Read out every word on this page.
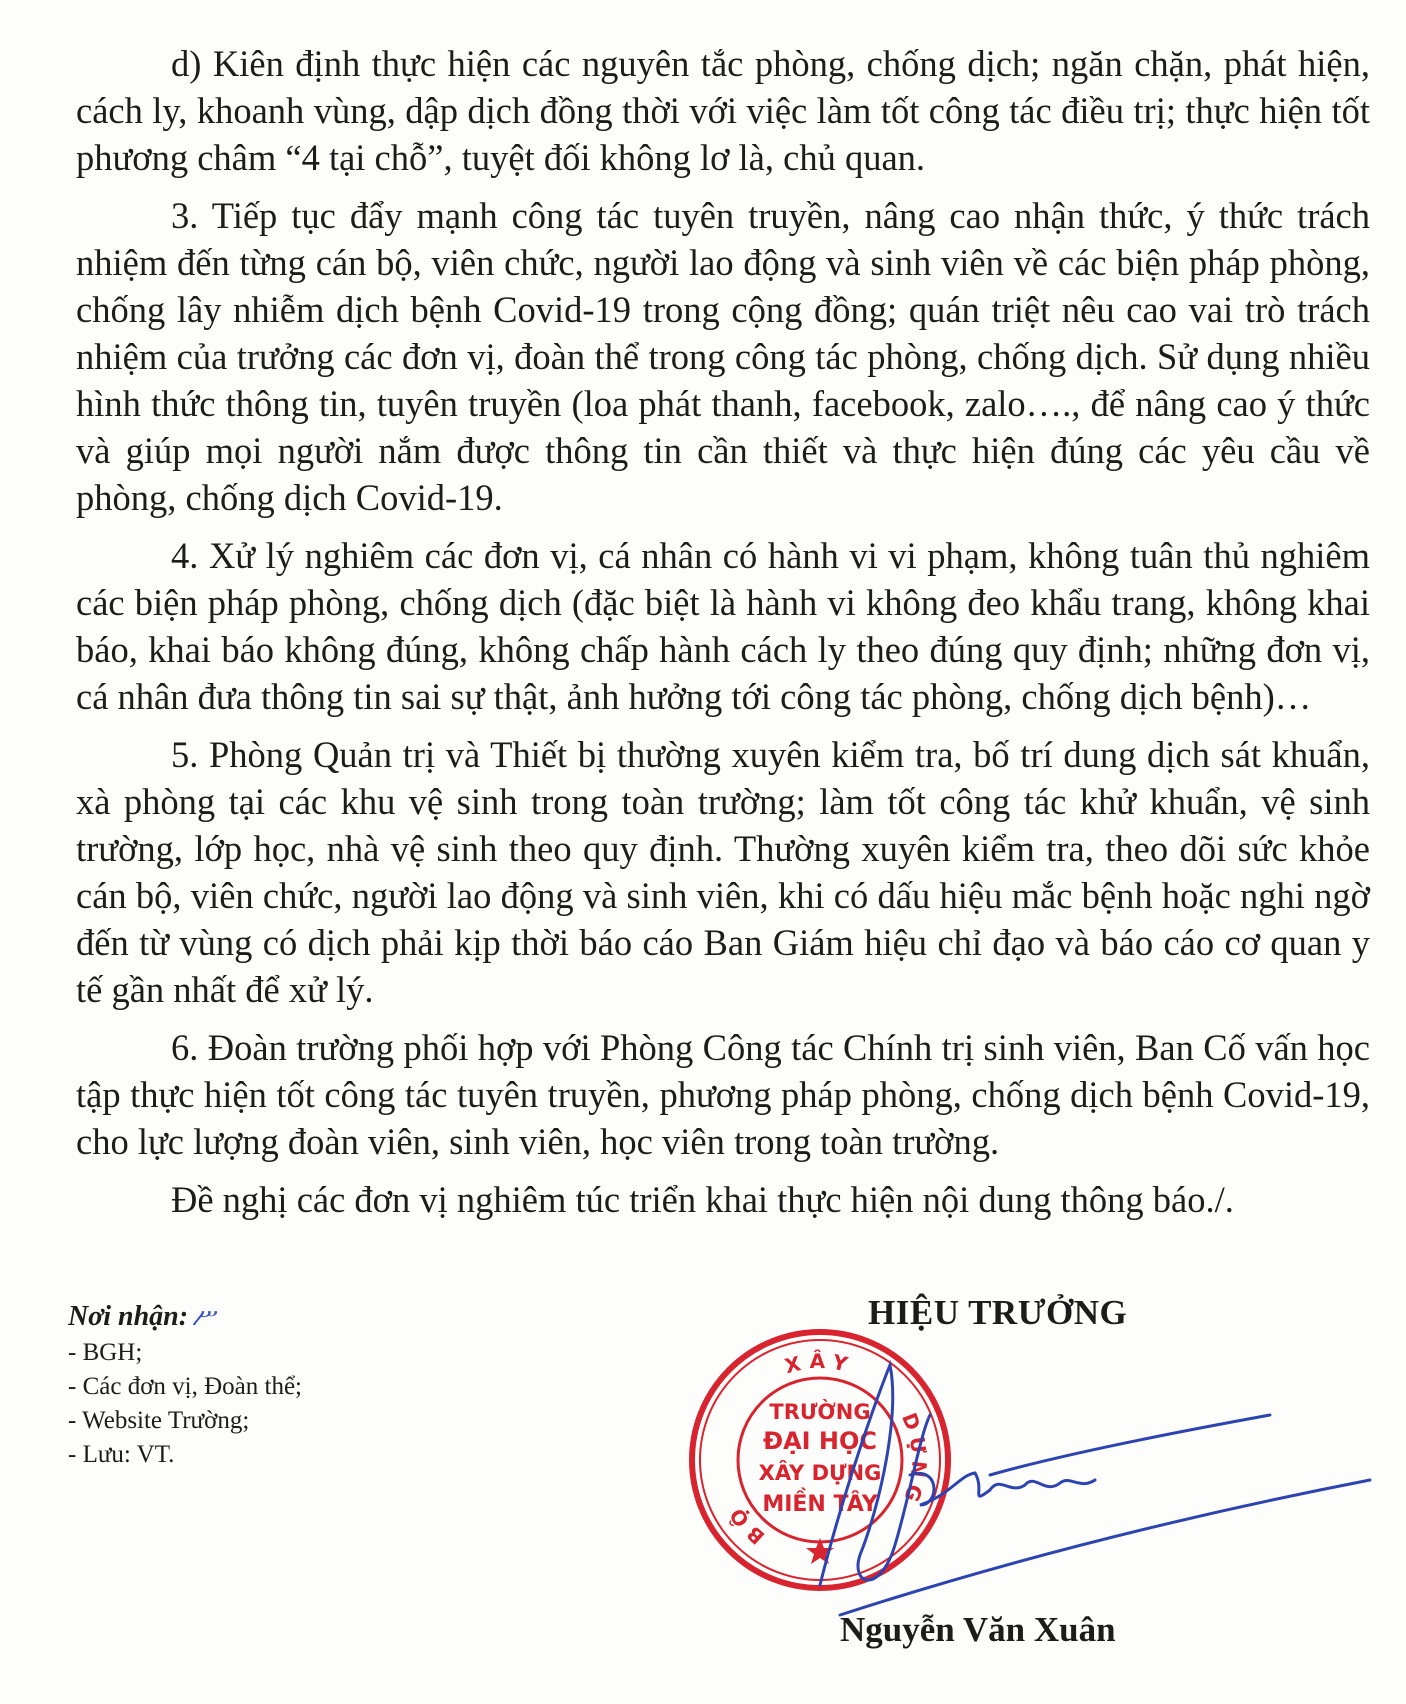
d) Kiên định thực hiện các nguyên tắc phòng, chống dịch; ngăn chặn, phát hiện, cách ly, khoanh vùng, dập dịch đồng thời với việc làm tốt công tác điều trị; thực hiện tốt phương châm “4 tại chỗ”, tuyệt đối không lơ là, chủ quan.

3. Tiếp tục đẩy mạnh công tác tuyên truyền, nâng cao nhận thức, ý thức trách nhiệm đến từng cán bộ, viên chức, người lao động và sinh viên về các biện pháp phòng, chống lây nhiễm dịch bệnh Covid-19 trong cộng đồng; quán triệt nêu cao vai trò trách nhiệm của trưởng các đơn vị, đoàn thể trong công tác phòng, chống dịch. Sử dụng nhiều hình thức thông tin, tuyên truyền (loa phát thanh, facebook, zalo…., để nâng cao ý thức và giúp mọi người nắm được thông tin cần thiết và thực hiện đúng các yêu cầu về phòng, chống dịch Covid-19.

4. Xử lý nghiêm các đơn vị, cá nhân có hành vi vi phạm, không tuân thủ nghiêm các biện pháp phòng, chống dịch (đặc biệt là hành vi không đeo khẩu trang, không khai báo, khai báo không đúng, không chấp hành cách ly theo đúng quy định; những đơn vị, cá nhân đưa thông tin sai sự thật, ảnh hưởng tới công tác phòng, chống dịch bệnh)…

5. Phòng Quản trị và Thiết bị thường xuyên kiểm tra, bố trí dung dịch sát khuẩn, xà phòng tại các khu vệ sinh trong toàn trường; làm tốt công tác khử khuẩn, vệ sinh trường, lớp học, nhà vệ sinh theo quy định. Thường xuyên kiểm tra, theo dõi sức khỏe cán bộ, viên chức, người lao động và sinh viên, khi có dấu hiệu mắc bệnh hoặc nghi ngờ đến từ vùng có dịch phải kịp thời báo cáo Ban Giám hiệu chỉ đạo và báo cáo cơ quan y tế gần nhất để xử lý.

6. Đoàn trường phối hợp với Phòng Công tác Chính trị sinh viên, Ban Cố vấn học tập thực hiện tốt công tác tuyên truyền, phương pháp phòng, chống dịch bệnh Covid-19, cho lực lượng đoàn viên, sinh viên, học viên trong toàn trường.

Đề nghị các đơn vị nghiêm túc triển khai thực hiện nội dung thông báo./.

Nơi nhận: ሥ
- BGH;
- Các đơn vị, Đoàn thể;
- Website Trường;
- Lưu: VT.
HIỆU TRƯỞNG
XÂY
DỰNG
BỘ
TRƯỜNG
ĐẠI HỌC
XÂY DỰNG
MIỀN TÂY
Nguyễn Văn Xuân
